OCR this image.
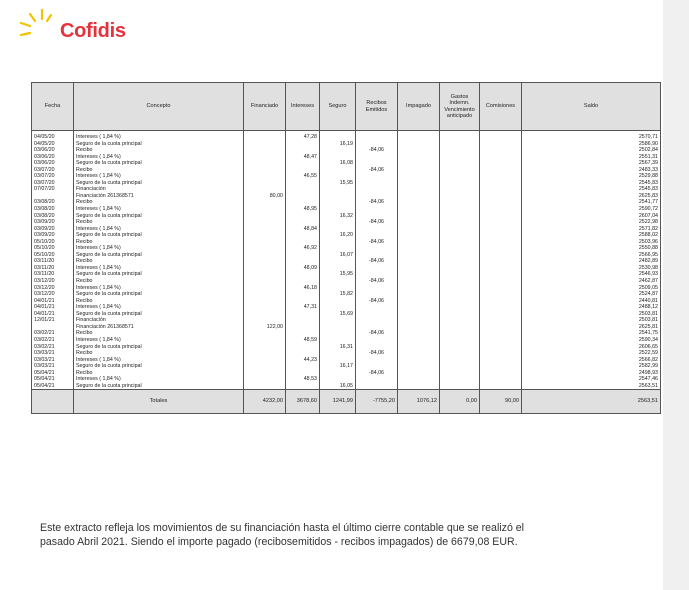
Cofidis
Fecha	Concepto	Financiado	Intereses	Seguro	Recibos Emitidos	Impagado	Gastos Indemn. Vencimiento anticipado	Comisiones	Saldo
04/05/20	Intereses ( 1,84 %)		47,28						2570,71
04/05/20	Seguro de la cuota principal			16,19					2586,90
03/06/20	Recibo				-84,06				2502,84
03/06/20	Intereses ( 1,84 %)		48,47						2551,31
03/06/20	Seguro de la cuota principal			16,08					2567,39
03/07/20	Recibo				-84,06				2483,33
03/07/20	Intereses ( 1,84 %)		46,55						2529,88
03/07/20	Seguro de la cuota principal			15,95					2545,83
07/07/20	Financiación								2545,83
	Financiación 261368571	80,00							2625,83
03/08/20	Recibo				-84,06				2541,77
03/08/20	Intereses ( 1,84 %)		48,95						2590,72
03/08/20	Seguro de la cuota principal			16,32					2607,04
03/09/20	Recibo				-84,06				2522,98
03/09/20	Intereses ( 1,84 %)		48,84						2571,82
03/09/20	Seguro de la cuota principal			16,20					2588,02
05/10/20	Recibo				-84,06				2503,96
05/10/20	Intereses ( 1,84 %)		46,92						2550,88
05/10/20	Seguro de la cuota principal			16,07					2566,95
03/11/20	Recibo				-84,06				2482,89
03/11/20	Intereses ( 1,84 %)		48,09						2530,98
03/11/20	Seguro de la cuota principal			15,95					2546,93
03/12/20	Recibo				-84,06				2462,87
03/12/20	Intereses ( 1,84 %)		46,18						2509,05
03/12/20	Seguro de la cuota principal			15,82					2524,87
04/01/21	Recibo				-84,06				2440,81
04/01/21	Intereses ( 1,84 %)		47,31						2488,12
04/01/21	Seguro de la cuota principal			15,69					2503,81
12/01/21	Financiación								2503,81
	Financiación 261368571	122,00							2625,81
03/02/21	Recibo				-84,06				2541,75
03/02/21	Intereses ( 1,84 %)		48,59						2590,34
03/02/21	Seguro de la cuota principal			16,31					2606,65
03/03/21	Recibo				-84,06				2522,59
03/03/21	Intereses ( 1,84 %)		44,23						2566,82
03/03/21	Seguro de la cuota principal			16,17					2582,99
05/04/21	Recibo				-84,06				2498,93
05/04/21	Intereses ( 1,84 %)		48,53						2547,46
05/04/21	Seguro de la cuota principal			16,05					2563,51
	Totales	4232,00	3678,60	1241,99	-7755,20	1076,12	0,00	90,00	2563,51
Este extracto refleja los movimientos de su financiación hasta el último cierre contable que se realizó el
pasado Abril 2021. Siendo el importe pagado (recibosemitidos - recibos impagados) de 6679,08 EUR.
